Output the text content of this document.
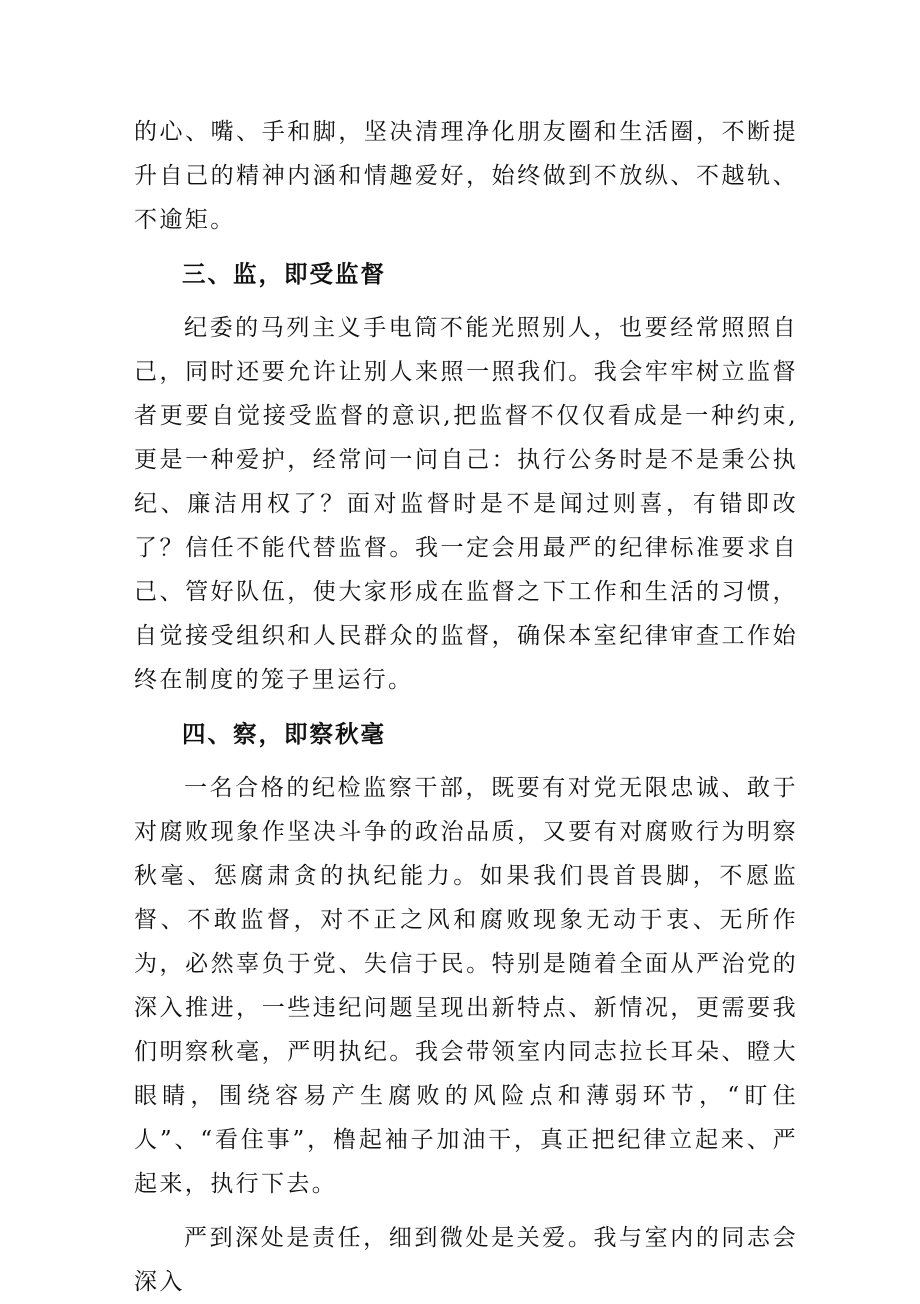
的心、嘴、手和脚，坚决清理净化朋友圈和生活圈，不断提升自己的精神内涵和情趣爱好，始终做到不放纵、不越轨、不逾矩。

三、监，即受监督

纪委的马列主义手电筒不能光照别人，也要经常照照自己，同时还要允许让别人来照一照我们。我会牢牢树立监督者更要自觉接受监督的意识,把监督不仅仅看成是一种约束,更是一种爱护，经常问一问自己：执行公务时是不是秉公执纪、廉洁用权了？面对监督时是不是闻过则喜，有错即改了？信任不能代替监督。我一定会用最严的纪律标准要求自己、管好队伍，使大家形成在监督之下工作和生活的习惯，自觉接受组织和人民群众的监督，确保本室纪律审查工作始终在制度的笼子里运行。

四、察，即察秋毫

一名合格的纪检监察干部，既要有对党无限忠诚、敢于对腐败现象作坚决斗争的政治品质，又要有对腐败行为明察秋毫、惩腐肃贪的执纪能力。如果我们畏首畏脚，不愿监督、不敢监督，对不正之风和腐败现象无动于衷、无所作为，必然辜负于党、失信于民。特别是随着全面从严治党的深入推进，一些违纪问题呈现出新特点、新情况，更需要我们明察秋毫，严明执纪。我会带领室内同志拉长耳朵、瞪大眼睛，围绕容易产生腐败的风险点和薄弱环节，“盯住人”、“看住事”，橹起袖子加油干，真正把纪律立起来、严起来，执行下去。

严到深处是责任，细到微处是关爱。我与室内的同志会深入
